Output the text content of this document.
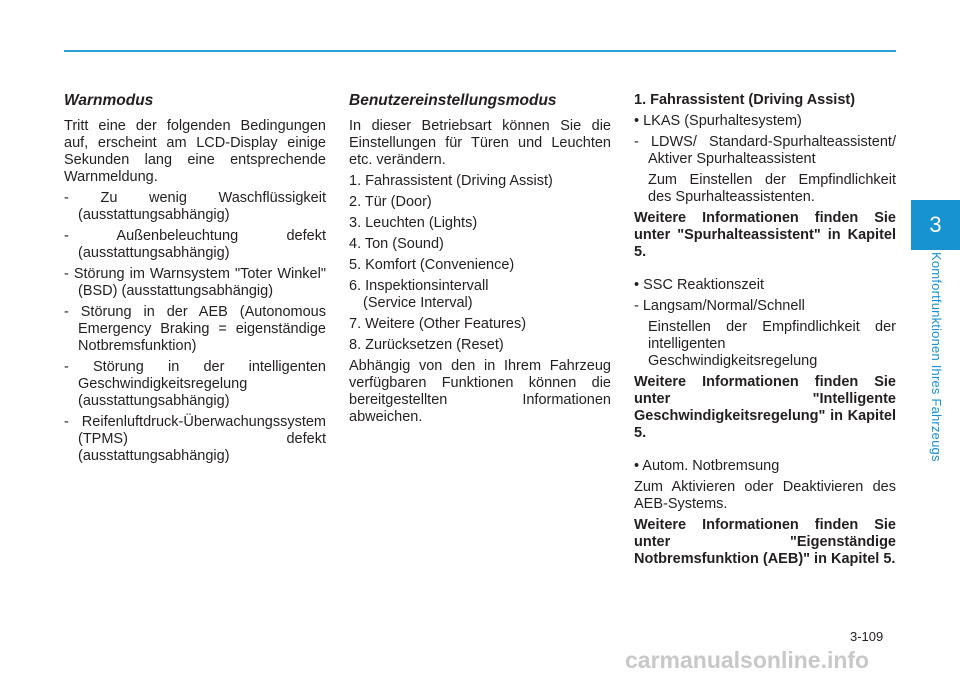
3
Komfortfunktionen Ihres Fahrzeugs
Warnmodus

Tritt eine der folgenden Bedingungen auf, erscheint am LCD-Display einige Sekunden lang eine entsprechende Warnmeldung.

- Zu wenig Waschflüssigkeit (ausstattungsabhängig)
- Außenbeleuchtung defekt (ausstattungsabhängig)
- Störung im Warnsystem "Toter Winkel" (BSD) (ausstattungsabhängig)
- Störung in der AEB (Autonomous Emergency Braking = eigenständige Notbremsfunktion)
- Störung in der intelligenten Geschwindigkeitsregelung (ausstattungsabhängig)
- Reifenluftdruck-Überwachungssystem (TPMS) defekt (ausstattungsabhängig)
Benutzereinstellungsmodus

In dieser Betriebsart können Sie die Einstellungen für Türen und Leuchten etc. verändern.

1. Fahrassistent (Driving Assist)
2. Tür (Door)
3. Leuchten (Lights)
4. Ton (Sound)
5. Komfort (Convenience)
6. Inspektionsintervall
(Service Interval)
7. Weitere (Other Features)
8. Zurücksetzen (Reset)

Abhängig von den in Ihrem Fahrzeug verfügbaren Funktionen können die bereitgestellten Informationen abweichen.

1. Fahrassistent (Driving Assist)
• LKAS (Spurhaltesystem)
- LDWS/ Standard-Spurhalteassistent/ Aktiver Spurhalteassistent

Zum Einstellen der Empfindlichkeit des Spurhalteassistenten.

Weitere Informationen finden Sie unter "Spurhalteassistent" in Kapitel 5.

• SSC Reaktionszeit
- Langsam/Normal/Schnell

Einstellen der Empfindlichkeit der intelligenten Geschwindigkeitsregelung

Weitere Informationen finden Sie unter "Intelligente Geschwindigkeitsregelung" in Kapitel 5.

• Autom. Notbremsung

Zum Aktivieren oder Deaktivieren des AEB-Systems.

Weitere Informationen finden Sie unter "Eigenständige Notbremsfunktion (AEB)" in Kapitel 5.

3-109
carmanualsonline.info
